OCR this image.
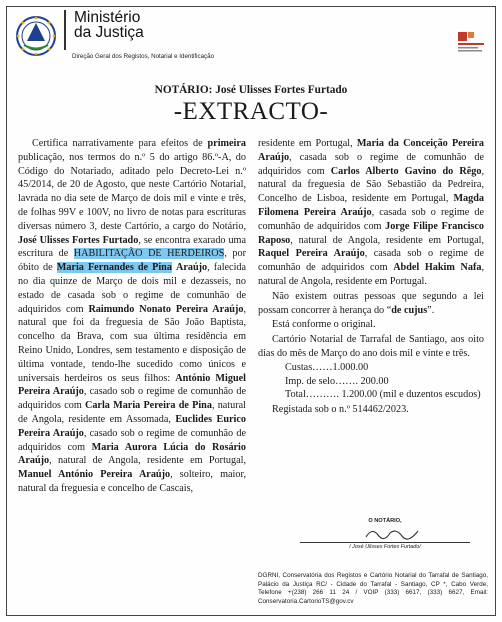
Ministério
da Justiça
Direção Geral dos Registos, Notarial e Identificação
NOTÁRIO: José Ulisses Fortes Furtado
-EXTRACTO-

Certifica narrativamente para efeitos de primeira publicação, nos termos do n.º 5 do artigo 86.º-A, do Código do Notariado, aditado pelo Decreto-Lei n.º 45/2014, de 20 de Agosto, que neste Cartório Notarial, lavrada no dia sete de Março de dois mil e vinte e três, de folhas 99V e 100V, no livro de notas para escrituras diversas número 3, deste Cartório, a cargo do Notário, José Ulisses Fortes Furtado, se encontra exarado uma escritura de HABILITAÇÃO DE HERDEIROS, por óbito de Maria Fernandes de Pina Araújo, falecida no dia quinze de Março de dois mil e dezasseis, no estado de casada sob o regime de comunhão de adquiridos com Raimundo Nonato Pereira Araújo, natural que foi da freguesia de São João Baptista, concelho da Brava, com sua última residência em Reino Unido, Londres, sem testamento e disposição de última vontade, tendo-lhe sucedido como únicos e universais herdeiros os seus filhos: António Miguel Pereira Araújo, casado sob o regime de comunhão de adquiridos com Carla Maria Pereira de Pina, natural de Angola, residente em Assomada, Euclides Eurico Pereira Araújo, casado sob o regime de comunhão de adquiridos com Maria Aurora Lúcia do Rosário Araújo, natural de Angola, residente em Portugal, Manuel António Pereira Araújo, solteiro, maior, natural da freguesia e concelho de Cascais,

residente em Portugal, Maria da Conceição Pereira Araújo, casada sob o regime de comunhão de adquiridos com Carlos Alberto Gavino do Rêgo, natural da freguesia de São Sebastião da Pedreira, Concelho de Lisboa, residente em Portugal, Magda Filomena Pereira Araújo, casada sob o regime de comunhão de adquiridos com Jorge Filipe Francisco Raposo, natural de Angola, residente em Portugal, Raquel Pereira Araújo, casada sob o regime de comunhão de adquiridos com Abdel Hakim Nafa, natural de Angola, residente em Portugal.

Não existem outras pessoas que segundo a lei possam concorrer à herança do “de cujus”.

Está conforme o original.

Cartório Notarial de Tarrafal de Santiago, aos oito dias do mês de Março do ano dois mil e vinte e três.

Custas……1.000.00
Imp. de selo……. 200.00
Total………. 1.200.00 (mil e duzentos escudos)

Registada sob o n.º 514462/2023.

O NOTÁRIO,
/ José Ulisses Fortes Furtado/
DGRNI, Conservatória dos Registos e Cartório Notarial do Tarrafal de Santiago, Palácio da Justiça RC/ - Cidade do Tarrafal - Santiago, CP *, Cabo Verde, Telefone +(238) 266 11 24 / VOIP (333) 6617, (333) 6627, Email: Conservatoria.CartorioTS@gov.cv
